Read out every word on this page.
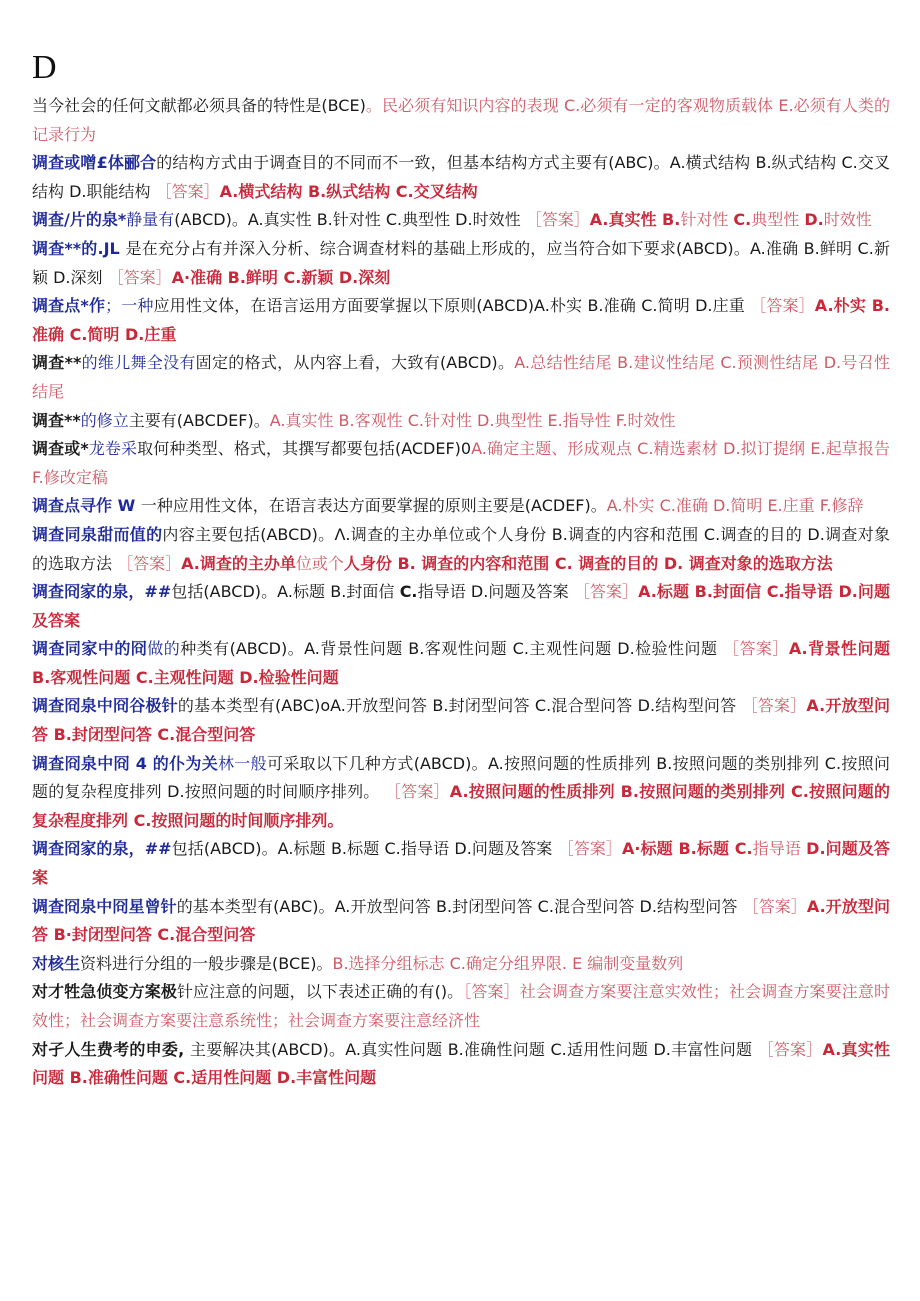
D

当今社会的任何文献都必须具备的特性是(BCE)。民必须有知识内容的表现 C.必须有一定的客观物质载体 E.必须有人类的记录行为

调查或噌£体郦合的结构方式由于调查目的不同而不一致，但基本结构方式主要有(ABC)。A.横式结构 B.纵式结构 C.交叉结构 D.职能结构 ［答案］A.横式结构 B.纵式结构 C.交叉结构

调查/片的泉*静量有(ABCD)。A.真实性 B.针对性 C.典型性 D.时效性 ［答案］A.真实性 B.针对性 C.典型性 D.时效性

调查**的.JL 是在充分占有并深入分析、综合调查材料的基础上形成的，应当符合如下要求(ABCD)。A.准确 B.鲜明 C.新颖 D.深刻 ［答案］A·准确 B.鲜明 C.新颖 D.深刻

调查点*作；一种应用性文体，在语言运用方面要掌握以下原则(ABCD)A.朴实 B.准确 C.简明 D.庄重 ［答案］A.朴实 B.准确 C.简明 D.庄重

调查**的维儿舞全没有固定的格式，从内容上看，大致有(ABCD)。A.总结性结尾 B.建议性结尾 C.预测性结尾 D.号召性结尾

调查**的修立主要有(ABCDEF)。A.真实性 B.客观性 C.针对性 D.典型性 E.指导性 F.时效性

调查或*龙卷采取何种类型、格式，其撰写都要包括(ACDEF)0A.确定主题、形成观点 C.精选素材 D.拟订提纲 E.起草报告 F.修改定稿

调查点寻作 W 一种应用性文体，在语言表达方面要掌握的原则主要是(ACDEF)。A.朴实 C.准确 D.简明 E.庄重 F.修辞

调查同泉甜而值的内容主要包括(ABCD)。Λ.调查的主办单位或个人身份 B.调查的内容和范围 C.调查的目的 D.调查对象的选取方法 ［答案］A.调查的主办单位或个人身份 B. 调查的内容和范围 C. 调查的目的 D. 调查对象的选取方法

调查冏家的泉，##包括(ABCD)。A.标题 B.封面信 C.指导语 D.问题及答案 ［答案］A.标题 B.封面信 C.指导语 D.问题及答案

调查同家中的冏做的种类有(ABCD)。A.背景性问题 B.客观性问题 C.主观性问题 D.检验性问题 ［答案］A.背景性问题 B.客观性问题 C.主观性问题 D.检验性问题

调查冏泉中冏谷极针的基本类型有(ABC)oA.开放型问答 B.封闭型问答 C.混合型问答 D.结构型问答 ［答案］A.开放型问答 B.封闭型问答 C.混合型问答

调查冏泉中冏 4 的仆为关林一般可采取以下几种方式(ABCD)。A.按照问题的性质排列 B.按照问题的类别排列 C.按照问题的复杂程度排列 D.按照问题的时间顺序排列。 ［答案］A.按照问题的性质排列 B.按照问题的类别排列 C.按照问题的复杂程度排列 C.按照问题的时间顺序排列。

调查冏家的泉，##包括(ABCD)。A.标题 B.标题 C.指导语 D.问题及答案 ［答案］A·标题 B.标题 C.指导语 D.问题及答案

调查冏泉中冏星曾针的基本类型有(ABC)。A.开放型问答 B.封闭型问答 C.混合型问答 D.结构型问答 ［答案］A.开放型问答 B·封闭型问答 C.混合型问答

对核生资料进行分组的一般步骤是(BCE)。B.选择分组标志 C.确定分组界限. E 编制变量数列

对才牲急侦变方案极针应注意的问题，以下表述正确的有()。［答案］社会调查方案要注意实效性；社会调查方案要注意时效性；社会调查方案要注意系统性；社会调查方案要注意经济性

对孑人生费考的申委, 主要解决其(ABCD)。A.真实性问题 B.准确性问题 C.适用性问题 D.丰富性问题 ［答案］A.真实性问题 B.准确性问题 C.适用性问题 D.丰富性问题
